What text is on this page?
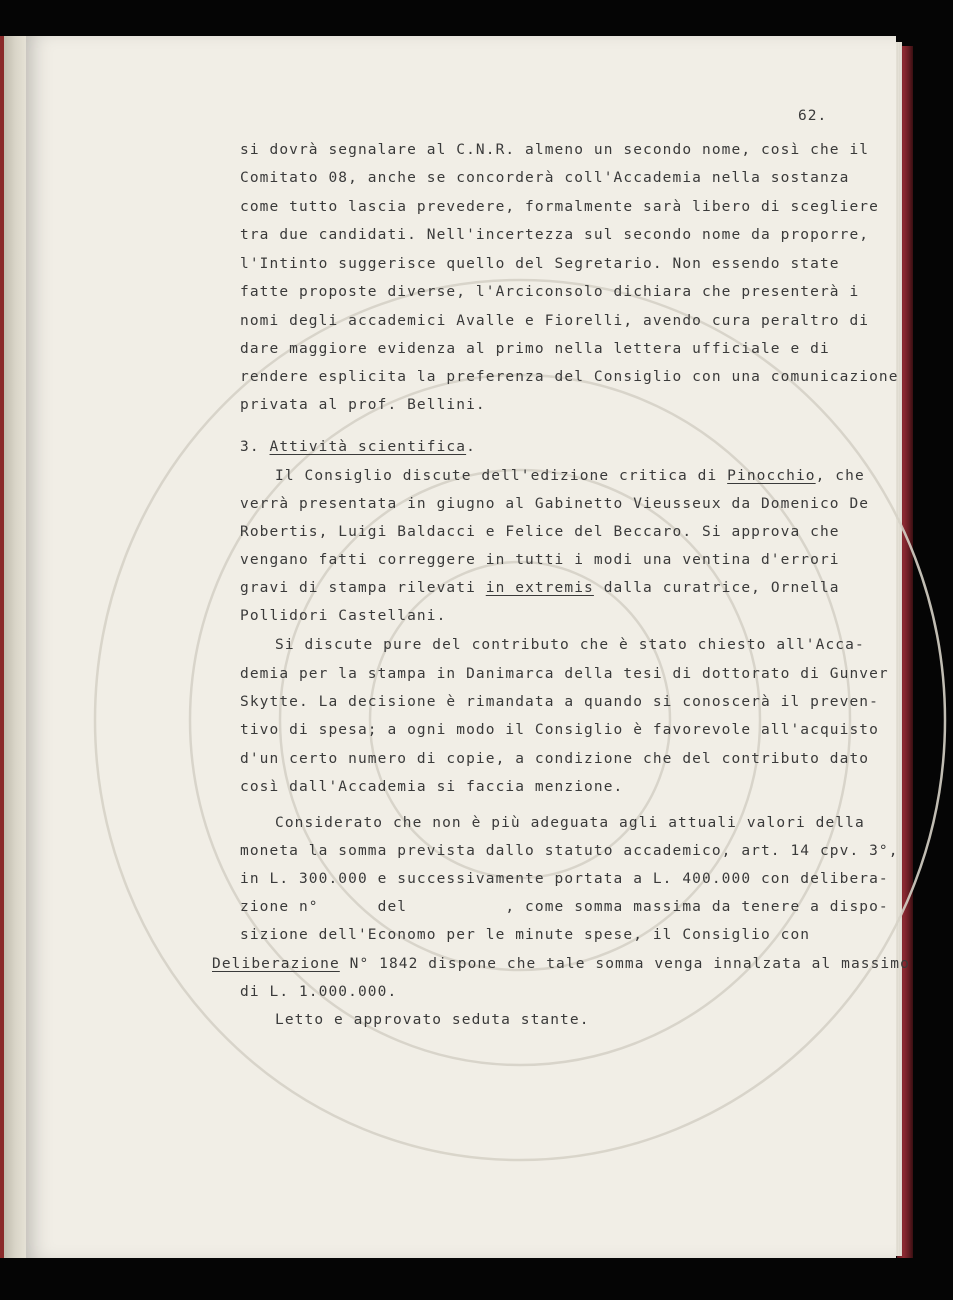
62.
si dovrà segnalare al C.N.R. almeno un secondo nome, così che il
Comitato 08, anche se concorderà coll'Accademia nella sostanza
come tutto lascia prevedere, formalmente sarà libero di scegliere
tra due candidati. Nell'incertezza sul secondo nome da proporre,
l'Intinto suggerisce quello del Segretario. Non essendo state
fatte proposte diverse, l'Arciconsolo dichiara che presenterà i
nomi degli accademici Avalle e Fiorelli, avendo cura peraltro di
dare maggiore evidenza al primo nella lettera ufficiale e di
rendere esplicita la preferenza del Consiglio con una comunicazione
privata al prof. Bellini.
3. Attività scientifica.
Il Consiglio discute dell'edizione critica di Pinocchio, che
verrà presentata in giugno al Gabinetto Vieusseux da Domenico De
Robertis, Luigi Baldacci e Felice del Beccaro. Si approva che
vengano fatti correggere in tutti i modi una ventina d'errori
gravi di stampa rilevati in extremis dalla curatrice, Ornella
Pollidori Castellani.
Si discute pure del contributo che è stato chiesto all'Acca-
demia per la stampa in Danimarca della tesi di dottorato di Gunver
Skytte. La decisione è rimandata a quando si conoscerà il preven-
tivo di spesa; a ogni modo il Consiglio è favorevole all'acquisto
d'un certo numero di copie, a condizione che del contributo dato
così dall'Accademia si faccia menzione.
Considerato che non è più adeguata agli attuali valori della
moneta la somma prevista dallo statuto accademico, art. 14 cpv. 3°,
in L. 300.000 e successivamente portata a L. 400.000 con delibera-
zione n°      del          , come somma massima da tenere a dispo-
sizione dell'Economo per le minute spese, il Consiglio con
Deliberazione N° 1842 dispone che tale somma venga innalzata al massimo
di L. 1.000.000.
Letto e approvato seduta stante.
